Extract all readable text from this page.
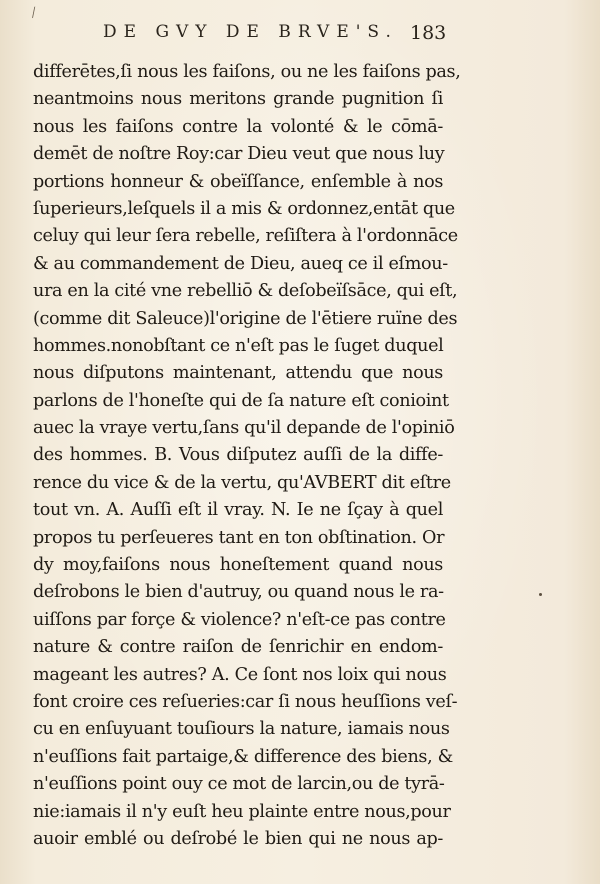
⁄
DE GVY DE BRVE'S. 183
differētes,ſi nous les faiſons, ou ne les faiſons pas,
neantmoins nous meritons grande pugnition ſi
nous les faiſons contre la volonté & le cōmā-
demēt de noſtre Roy:car Dieu veut que nous luy
portions honneur & obeïſſance, enſemble à nos
ſuperieurs,leſquels il a mis & ordonnez,entāt que
celuy qui leur ſera rebelle, reſiſtera à l'ordonnāce
& au commandement de Dieu, aueq ce il eſmou-
ura en la cité vne rebelliō & deſobeïſsāce, qui eſt,
(comme dit Saleuce)l'origine de l'ētiere ruïne des
hommes.nonobſtant ce n'eſt pas le ſuget duquel
nous diſputons maintenant, attendu que nous
parlons de l'honeſte qui de ſa nature eſt conioint
auec la vraye vertu,ſans qu'il depande de l'opiniō
des hommes. B. Vous diſputez auſſi de la diffe-
rence du vice & de la vertu, qu'AVBERT dit eſtre
tout vn. A. Auſſi eſt il vray. N. Ie ne ſçay à quel
propos tu perſeueres tant en ton obſtination. Or
dy moy,faiſons nous honeſtement quand nous
deſrobons le bien d'autruy, ou quand nous le ra-
uiſſons par forçe & violence? n'eſt-ce pas contre
nature & contre raiſon de ſenrichir en endom-
mageant les autres? A. Ce ſont nos loix qui nous
font croire ces reſueries:car ſi nous heuſſions veſ-
cu en enſuyuant touſiours la nature, iamais nous
n'euſſions fait partaige,& difference des biens, &
n'euſſions point ouy ce mot de larcin,ou de tyrā-
nie:iamais il n'y euſt heu plainte entre nous,pour
auoir emblé ou deſrobé le bien qui ne nous ap-
